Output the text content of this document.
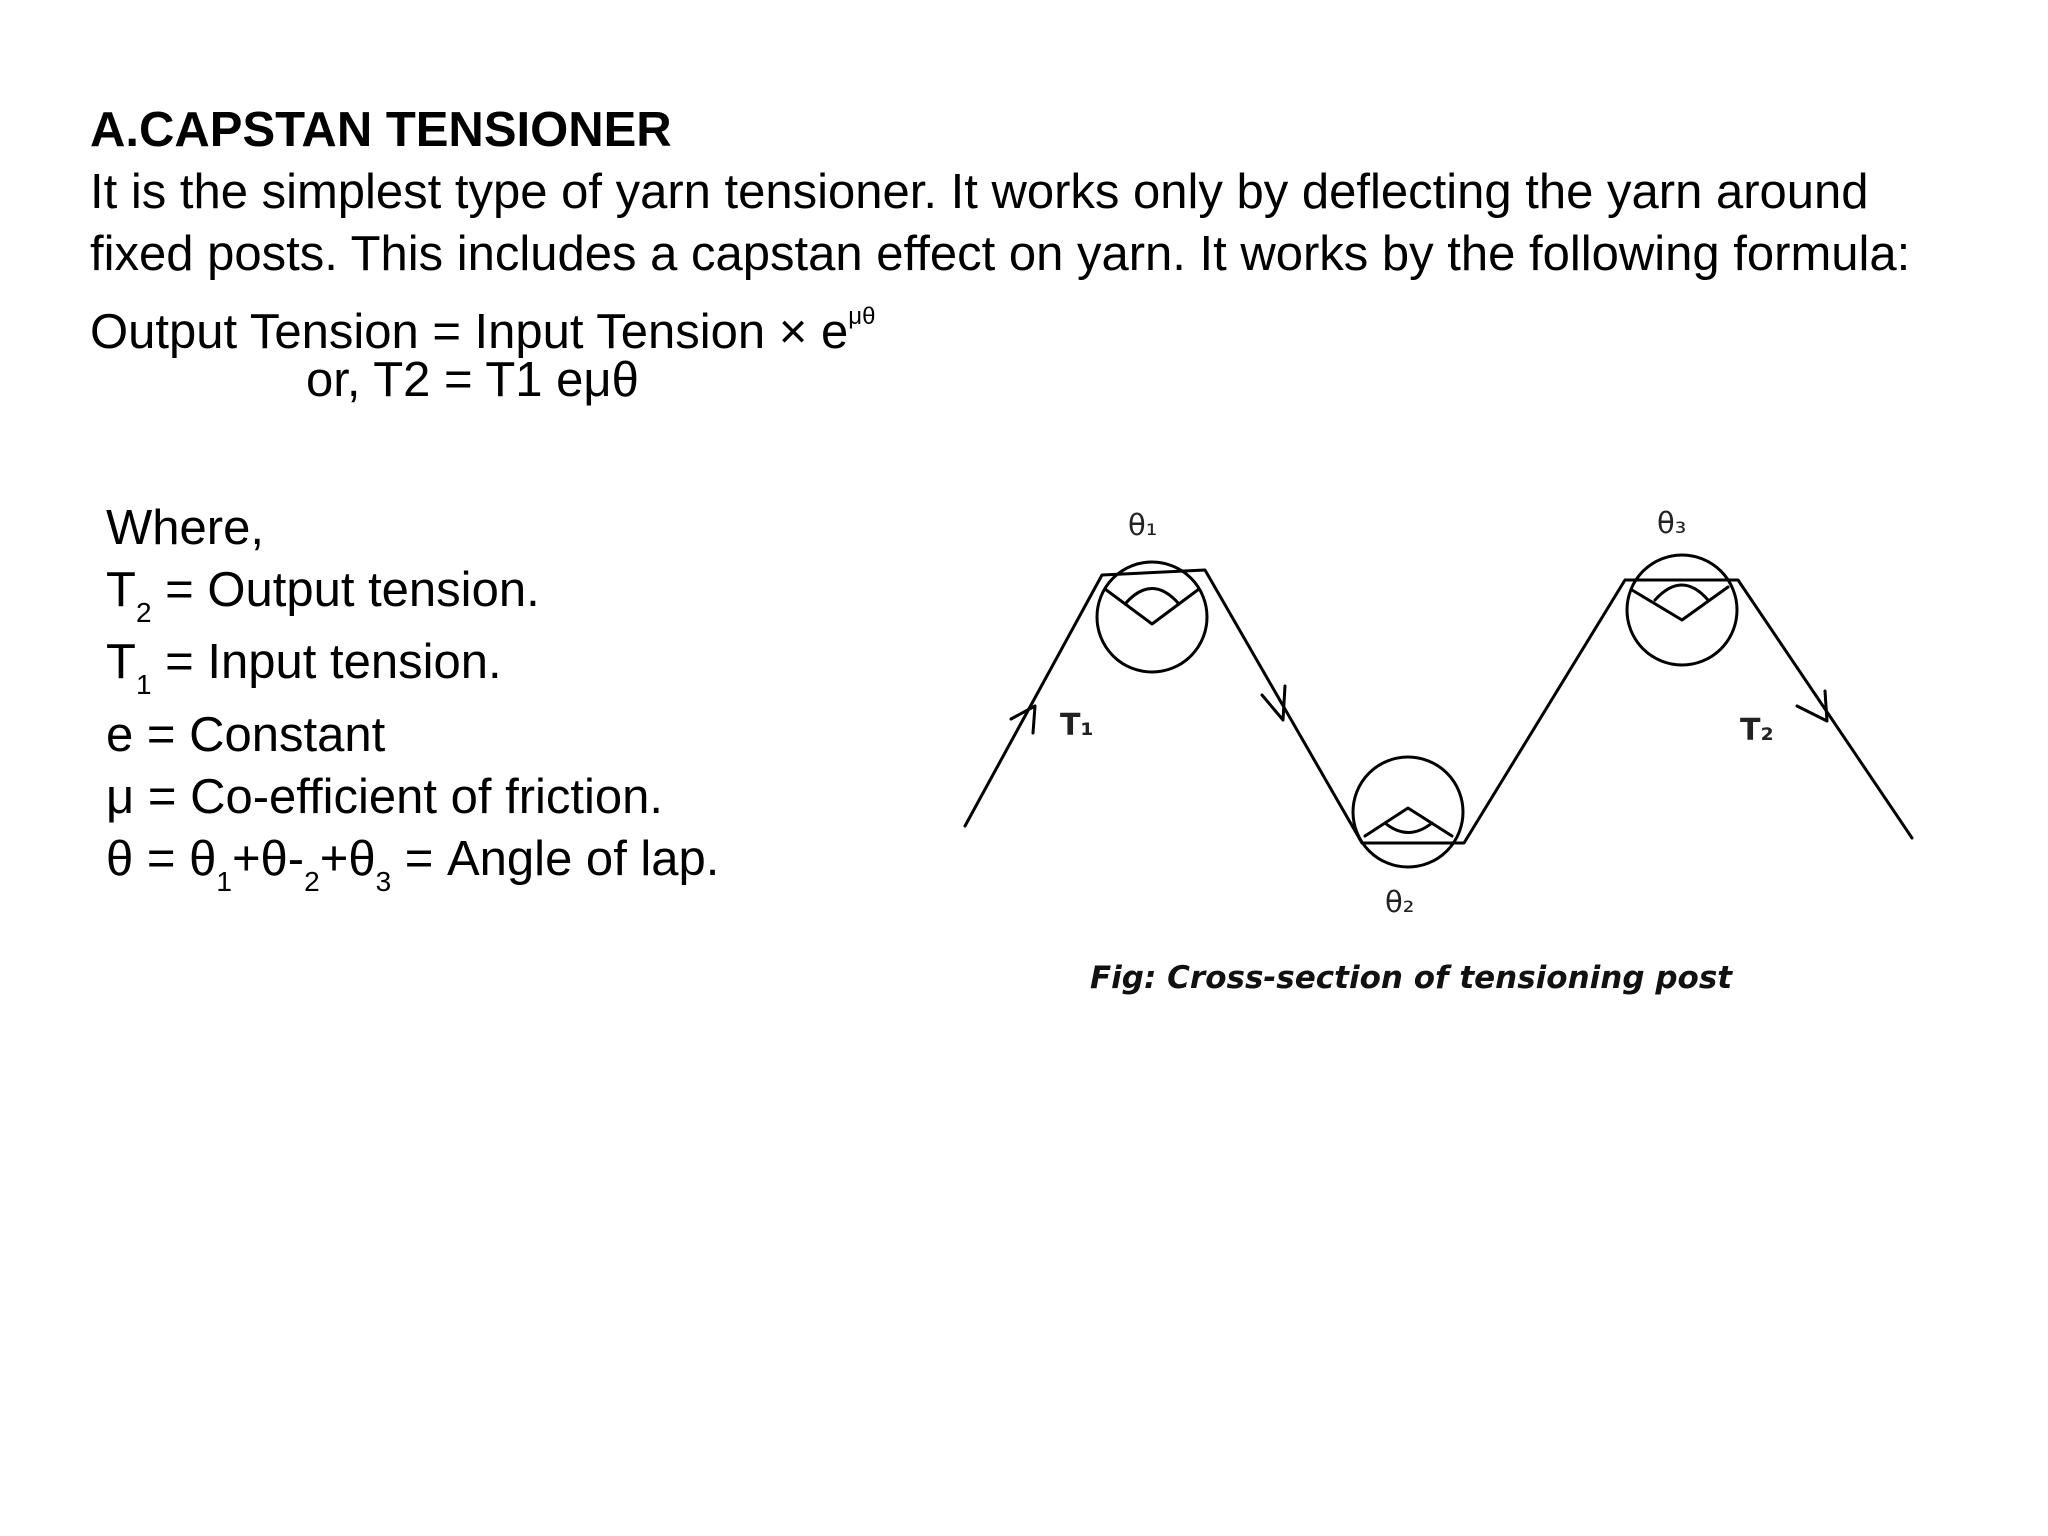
A.CAPSTAN TENSIONER
It is the simplest type of yarn tensioner. It works only by deflecting the yarn around
fixed posts. This includes a capstan effect on yarn. It works by the following formula:
Output Tension = Input Tension × $e^{\mu\theta}$
or, T2 = T1 eμθ
Where,
$T_2$ = Output tension.
$T_1$ = Input tension.
e = Constant
μ = Co-efficient of friction.
$\theta = \theta_1+\theta-_2+\theta_3$ = Angle of lap.
θ₁
θ₂
θ₃
T₁	T₂
Fig: Cross-section of tensioning post
